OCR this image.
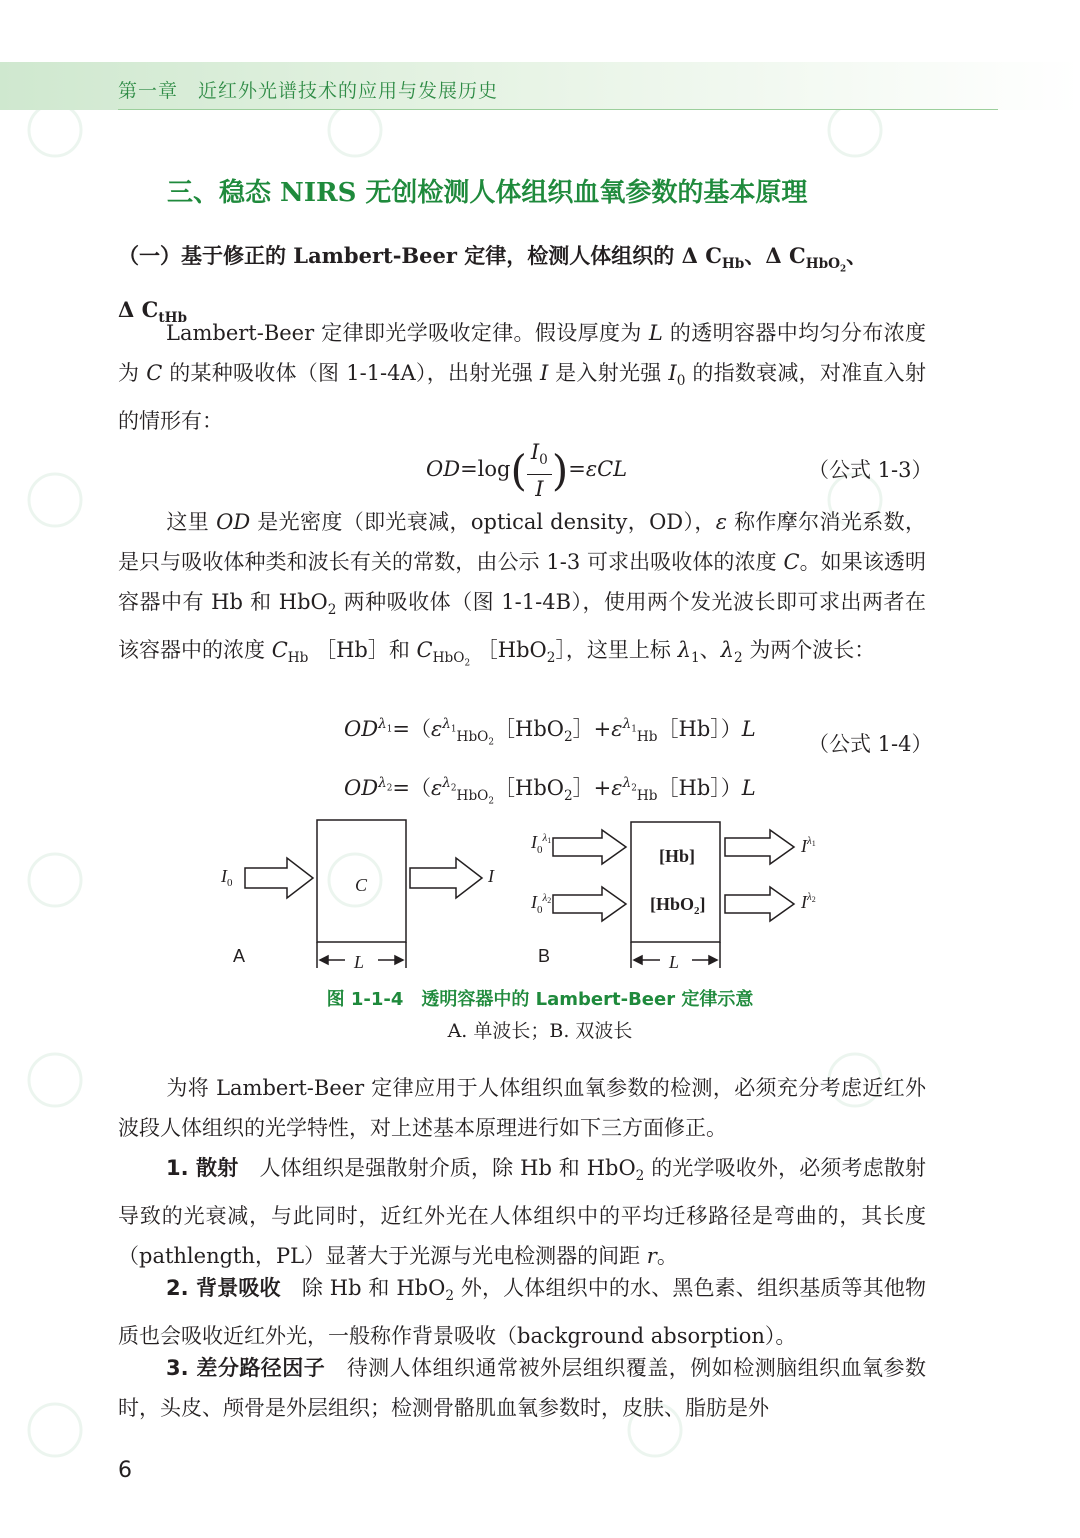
第一章　近红外光谱技术的应用与发展历史
三、稳态 NIRS 无创检测人体组织血氧参数的基本原理
（一）基于修正的 Lambert-Beer 定律，检测人体组织的 Δ $C_{Hb}$、Δ $C_{HbO_2}$、
Δ $C_{tHb}$
Lambert-Beer 定律即光学吸收定律。假设厚度为 L 的透明容器中均匀分布浓度为 C 的某种吸收体（图 1-1-4A），出射光强 I 是入射光强 $I_0$ 的指数衰减，对准直入射的情形有：
$OD=\log( \frac{I_0}{I} )=\varepsilon CL$	（公式 1-3）
这里 OD 是光密度（即光衰减，optical density，OD），ε 称作摩尔消光系数，是只与吸收体种类和波长有关的常数，由公示 1-3 可求出吸收体的浓度 C。如果该透明容器中有 Hb 和 HbO$_2$ 两种吸收体（图 1-1-4B），使用两个发光波长即可求出两者在该容器中的浓度 $C_{Hb}$ ［Hb］和 $C_{HbO_2}$ ［HbO$_2$］，这里上标 $\lambda_1$、$\lambda_2$ 为两个波长：
$OD^{\lambda_1}=(\varepsilon^{\lambda_1}_{HbO_2}[HbO_2]+\varepsilon^{\lambda_1}_{Hb}[Hb])L$
$OD^{\lambda_2}=(\varepsilon^{\lambda_2}_{HbO_2}[HbO_2]+\varepsilon^{\lambda_2}_{Hb}[Hb])L$
（公式 1-4）
C
$I_0$	I
L
A
[Hb]
[HbO$_2$]
$I_0^\lambda 1$
$I_0^\lambda 2$
$I^\lambda 1$
$I^\lambda 2$
L
B
图 1-1-4　透明容器中的 Lambert-Beer 定律示意
A. 单波长；B. 双波长
为将 Lambert-Beer 定律应用于人体组织血氧参数的检测，必须充分考虑近红外波段人体组织的光学特性，对上述基本原理进行如下三方面修正。
1. 散射　 人体组织是强散射介质，除 Hb 和 HbO$_2$ 的光学吸收外，必须考虑散射导致的光衰减，与此同时，近红外光在人体组织中的平均迁移路径是弯曲的，其长度（pathlength，PL）显著大于光源与光电检测器的间距 r。
2. 背景吸收　 除 Hb 和 HbO$_2$ 外，人体组织中的水、黑色素、组织基质等其他物质也会吸收近红外光，一般称作背景吸收（background absorption）。
3. 差分路径因子　 待测人体组织通常被外层组织覆盖，例如检测脑组织血氧参数时，头皮、颅骨是外层组织；检测骨骼肌血氧参数时，皮肤、脂肪是外
6
